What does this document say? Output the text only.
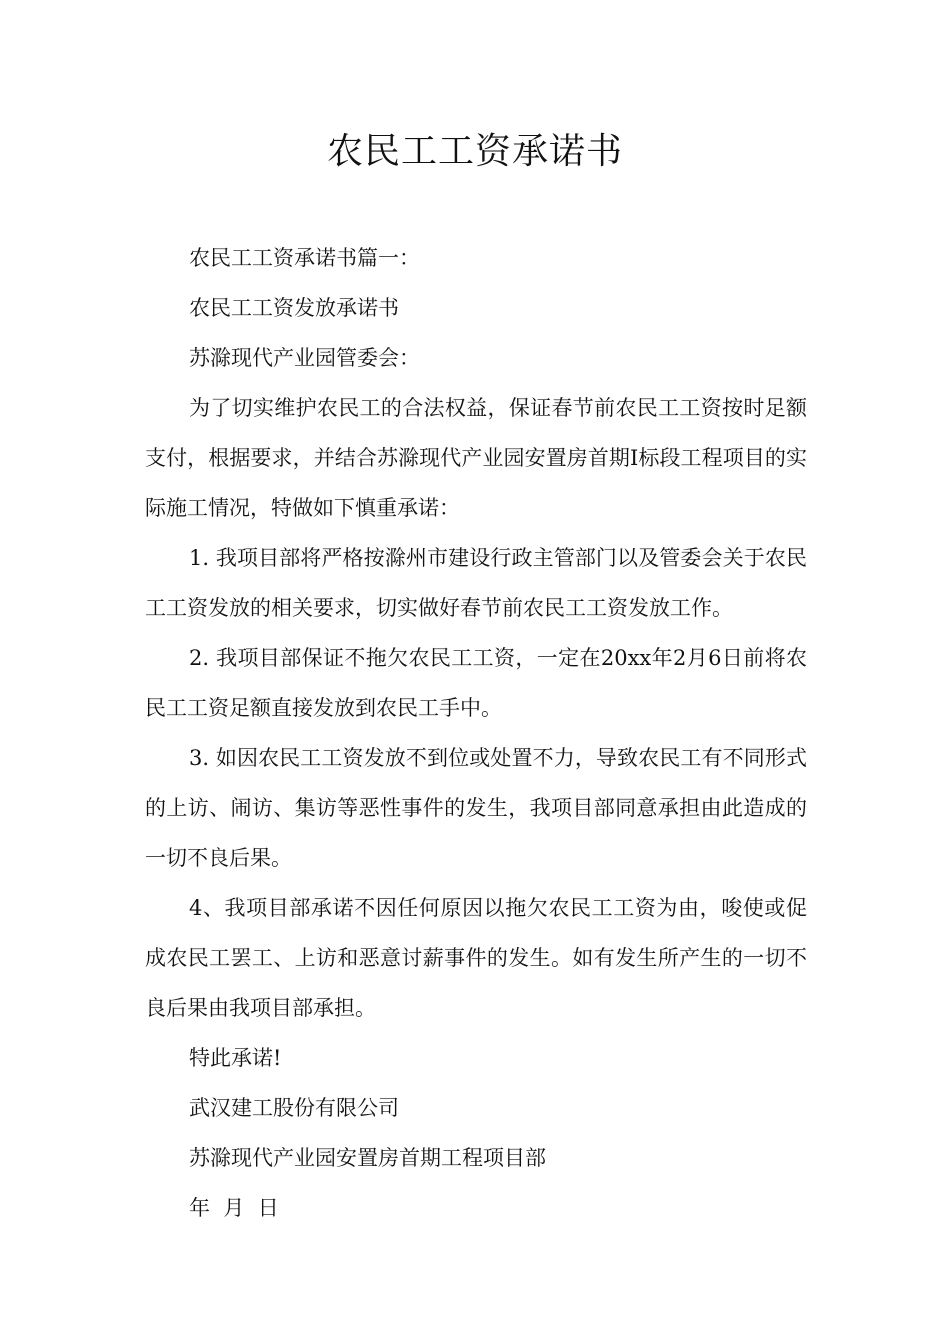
农民工工资承诺书

农民工工资承诺书篇一：

农民工工资发放承诺书

苏滁现代产业园管委会：

为了切实维护农民工的合法权益，保证春节前农民工工资按时足额支付，根据要求，并结合苏滁现代产业园安置房首期Ⅰ标段工程项目的实际施工情况，特做如下慎重承诺：

1. 我项目部将严格按滁州市建设行政主管部门以及管委会关于农民工工资发放的相关要求，切实做好春节前农民工工资发放工作。

2. 我项目部保证不拖欠农民工工资，一定在20xx年2月6日前将农民工工资足额直接发放到农民工手中。

3. 如因农民工工资发放不到位或处置不力，导致农民工有不同形式的上访、闹访、集访等恶性事件的发生，我项目部同意承担由此造成的一切不良后果。

4、我项目部承诺不因任何原因以拖欠农民工工资为由，唆使或促成农民工罢工、上访和恶意讨薪事件的发生。如有发生所产生的一切不良后果由我项目部承担。

特此承诺!

武汉建工股份有限公司

苏滁现代产业园安置房首期工程项目部

年  月  日
